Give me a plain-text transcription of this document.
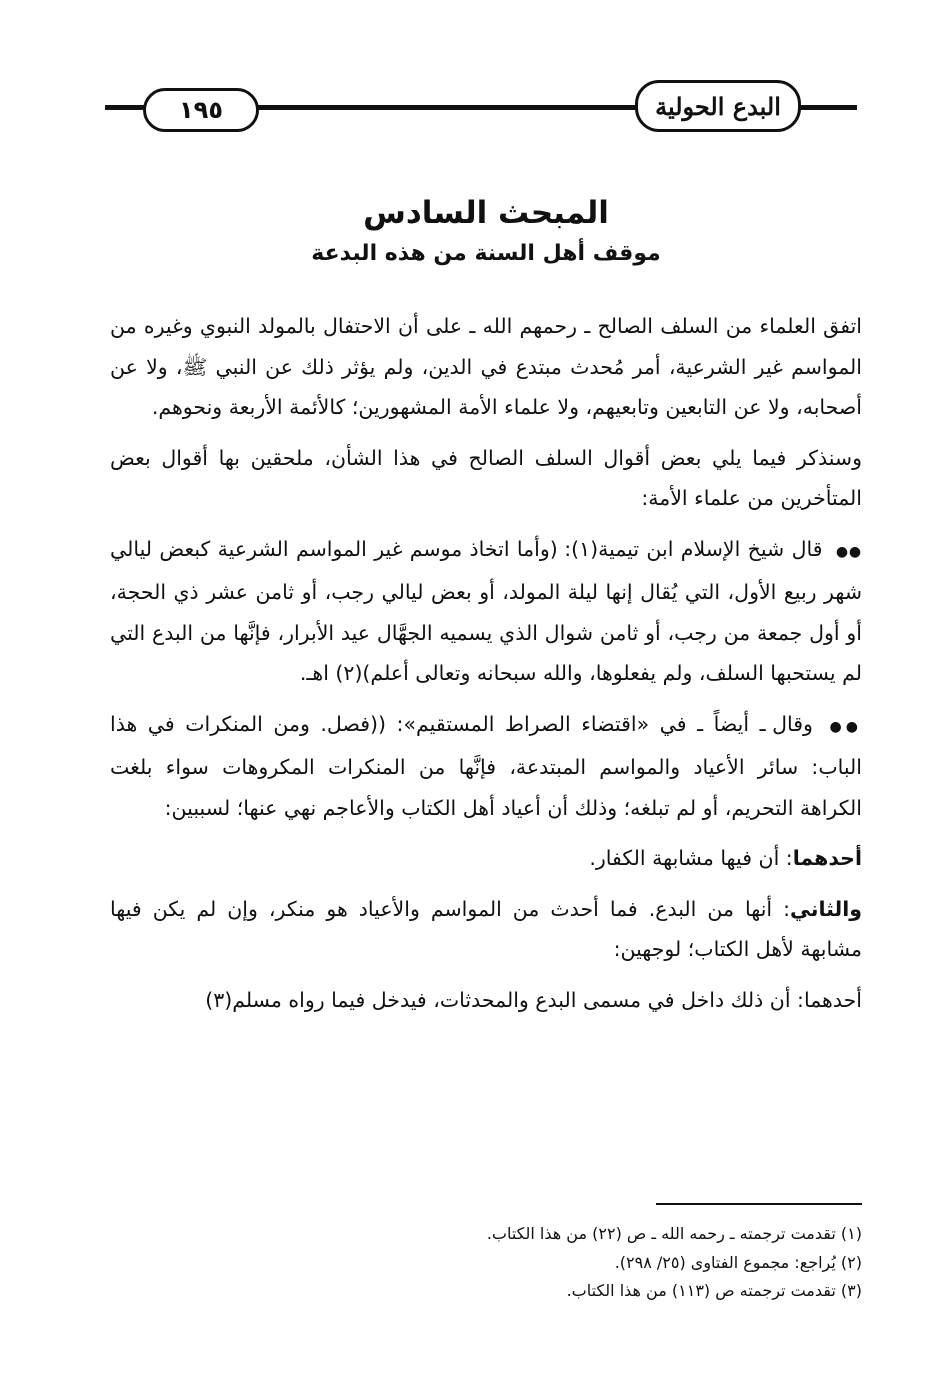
١٩٥	البدع الحولية
المبحث السادس
موقف أهل السنة من هذه البدعة

اتفق العلماء من السلف الصالح ـ رحمهم الله ـ على أن الاحتفال بالمولد النبوي وغيره من المواسم غير الشرعية، أمر مُحدث مبتدع في الدين، ولم يؤثر ذلك عن النبي ﷺ، ولا عن أصحابه، ولا عن التابعين وتابعيهم، ولا علماء الأمة المشهورين؛ كالأئمة الأربعة ونحوهم.

وسنذكر فيما يلي بعض أقوال السلف الصالح في هذا الشأن، ملحقين بها أقوال بعض المتأخرين من علماء الأمة:

●● قال شيخ الإسلام ابن تيمية(١): (وأما اتخاذ موسم غير المواسم الشرعية كبعض ليالي شهر ربيع الأول، التي يُقال إنها ليلة المولد، أو بعض ليالي رجب، أو ثامن عشر ذي الحجة، أو أول جمعة من رجب، أو ثامن شوال الذي يسميه الجهَّال عيد الأبرار، فإنَّها من البدع التي لم يستحبها السلف، ولم يفعلوها، والله سبحانه وتعالى أعلم)(٢) اهـ.

●● وقال ـ أيضاً ـ في «اقتضاء الصراط المستقيم»: ((فصل. ومن المنكرات في هذا الباب: سائر الأعياد والمواسم المبتدعة، فإنَّها من المنكرات المكروهات سواء بلغت الكراهة التحريم، أو لم تبلغه؛ وذلك أن أعياد أهل الكتاب والأعاجم نهي عنها؛ لسببين:

أحدهما: أن فيها مشابهة الكفار.

والثاني: أنها من البدع. فما أحدث من المواسم والأعياد هو منكر، وإن لم يكن فيها مشابهة لأهل الكتاب؛ لوجهين:

أحدهما: أن ذلك داخل في مسمى البدع والمحدثات، فيدخل فيما رواه مسلم(٣)

(١) تقدمت ترجمته ـ رحمه الله ـ ص (٢٢) من هذا الكتاب.

(٢) يُراجع: مجموع الفتاوى (٢٥/ ٢٩٨).

(٣) تقدمت ترجمته ص (١١٣) من هذا الكتاب.
